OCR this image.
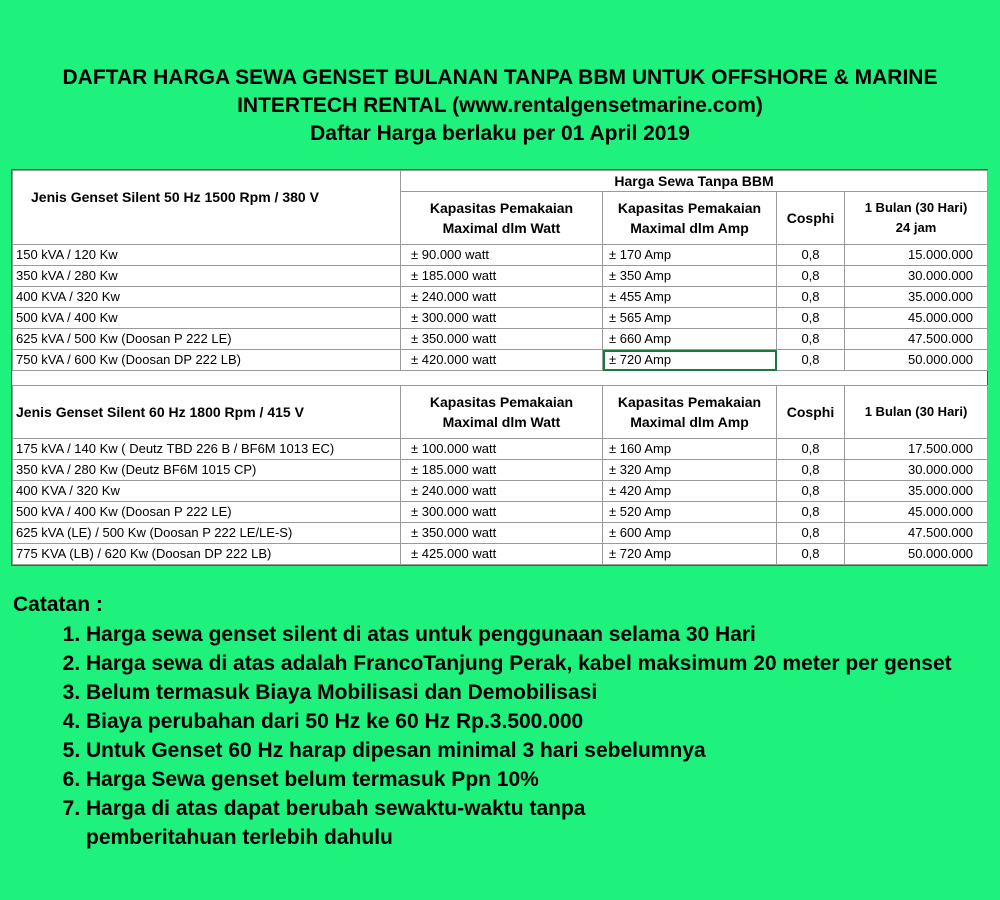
DAFTAR HARGA SEWA GENSET BULANAN TANPA BBM UNTUK OFFSHORE & MARINE
INTERTECH RENTAL (www.rentalgensetmarine.com)
Daftar Harga berlaku per 01 April 2019
Jenis Genset Silent 50 Hz 1500 Rpm / 380 V	Harga Sewa Tanpa BBM			
	Kapasitas Pemakaian Maximal dlm Watt	Kapasitas Pemakaian Maximal dlm Amp	Cosphi	1 Bulan (30 Hari)
24 jam

150 kVA / 120 Kw	± 90.000 watt	± 170 Amp	0,8	15.000.000
350 kVA / 280 Kw	± 185.000 watt	± 350 Amp	0,8	30.000.000
400 KVA / 320 Kw	± 240.000 watt	± 455 Amp	0,8	35.000.000
500 kVA / 400 Kw	± 300.000 watt	± 565 Amp	0,8	45.000.000
625 kVA / 500 Kw (Doosan P 222 LE)	± 350.000 watt	± 660 Amp	0,8	47.500.000
750 kVA / 600 Kw (Doosan DP 222 LB)	± 420.000 watt	± 720 Amp	0,8	50.000.000

Jenis Genset Silent 60 Hz 1800 Rpm / 415 V	Kapasitas Pemakaian Maximal dlm Watt	Kapasitas Pemakaian Maximal dlm Amp	Cosphi	1 Bulan (30 Hari)
175 kVA / 140 Kw ( Deutz TBD 226 B / BF6M 1013 EC)	± 100.000 watt	± 160 Amp	0,8	17.500.000
350 kVA / 280 Kw (Deutz BF6M 1015 CP)	± 185.000 watt	± 320 Amp	0,8	30.000.000
400 KVA / 320 Kw	± 240.000 watt	± 420 Amp	0,8	35.000.000
500 kVA / 400 Kw (Doosan P 222 LE)	± 300.000 watt	± 520 Amp	0,8	45.000.000
625 kVA (LE) / 500 Kw (Doosan P 222 LE/LE-S)	± 350.000 watt	± 600 Amp	0,8	47.500.000
775 KVA (LB) / 620 Kw (Doosan DP 222 LB)	± 425.000 watt	± 720 Amp	0,8	50.000.000
Catatan :
1. Harga sewa genset silent di atas untuk penggunaan selama 30 Hari
2. Harga sewa di atas adalah FrancoTanjung Perak, kabel maksimum 20 meter per genset
3. Belum termasuk Biaya Mobilisasi dan Demobilisasi
4. Biaya perubahan dari 50 Hz ke 60 Hz Rp.3.500.000
5. Untuk Genset 60 Hz harap dipesan minimal 3 hari sebelumnya
6. Harga Sewa genset belum termasuk Ppn 10%
7. Harga di atas dapat berubah sewaktu-waktu tanpa pemberitahuan terlebih dahulu
